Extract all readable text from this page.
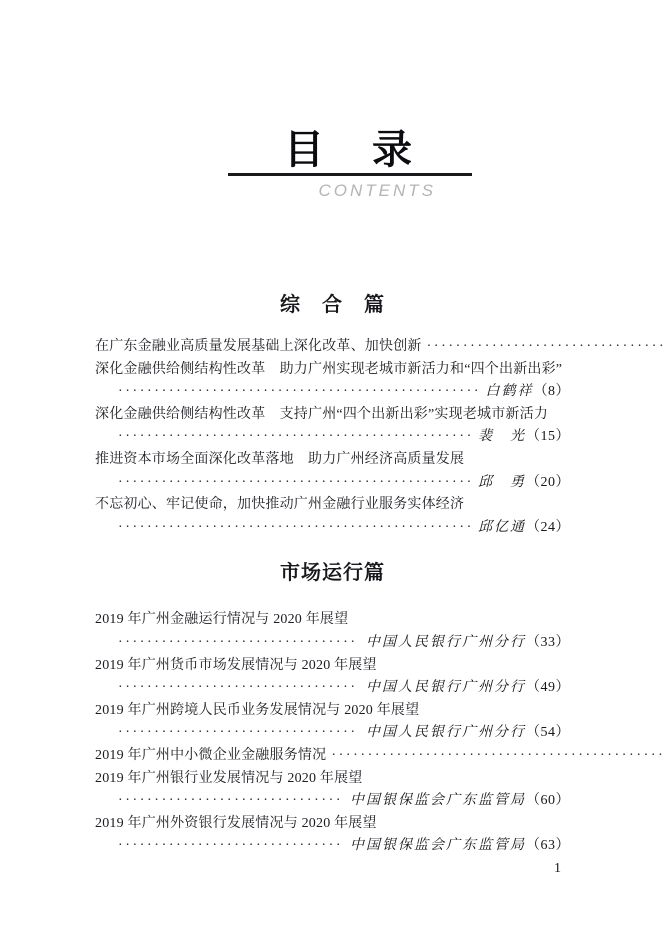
目　录
CONTENTS
综　合　篇
在广东金融业高质量发展基础上深化改革、加快创新
·····
深化金融供给侧结构性改革　助力广州实现老城市新活力和“四个出新出彩”
·····
白鹤祥 （8）
深化金融供给侧结构性改革　支持广州“四个出新出彩”实现老城市新活力
·····
裴　光 （15）
推进资本市场全面深化改革落地　助力广州经济高质量发展
·····
邱　勇 （20）
不忘初心、牢记使命，加快推动广州金融行业服务实体经济
·····
邱亿通 （24）
市场运行篇
2019 年广州金融运行情况与 2020 年展望
·····
中国人民银行广州分行 （33）
2019 年广州货币市场发展情况与 2020 年展望
·····
中国人民银行广州分行 （49）
2019 年广州跨境人民币业务发展情况与 2020 年展望
·····
中国人民银行广州分行 （54）
2019 年广州中小微企业金融服务情况
·····
2019 年广州银行业发展情况与 2020 年展望
·····
中国银保监会广东监管局 （60）
2019 年广州外资银行发展情况与 2020 年展望
·····
中国银保监会广东监管局 （63）
1
